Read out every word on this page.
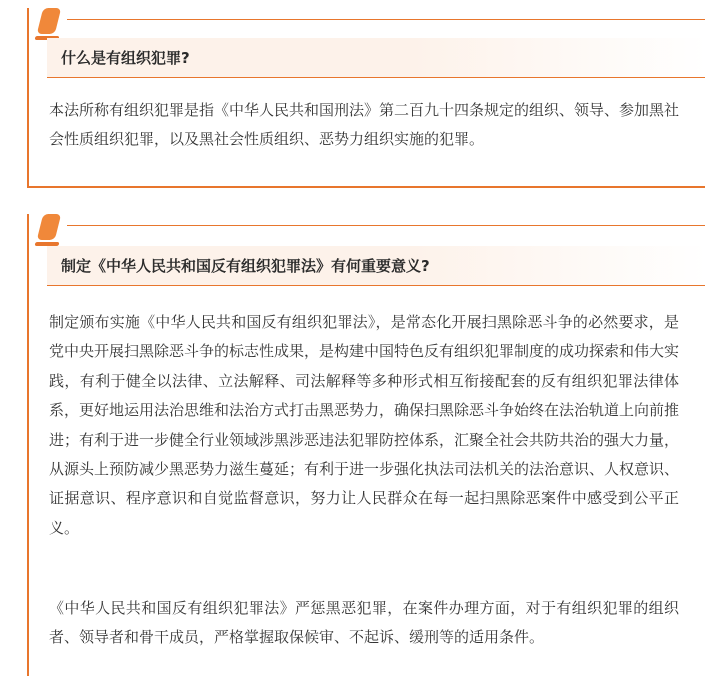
什么是有组织犯罪?

本法所称有组织犯罪是指《中华人民共和国刑法》第二百九十四条规定的组织、领导、参加黑社会性质组织犯罪，以及黑社会性质组织、恶势力组织实施的犯罪。

制定《中华人民共和国反有组织犯罪法》有何重要意义?

制定颁布实施《中华人民共和国反有组织犯罪法》，是常态化开展扫黑除恶斗争的必然要求，是党中央开展扫黑除恶斗争的标志性成果，是构建中国特色反有组织犯罪制度的成功探索和伟大实践，有利于健全以法律、立法解释、司法解释等多种形式相互衔接配套的反有组织犯罪法律体系，更好地运用法治思维和法治方式打击黑恶势力，确保扫黑除恶斗争始终在法治轨道上向前推进；有利于进一步健全行业领域涉黑涉恶违法犯罪防控体系，汇聚全社会共防共治的强大力量，从源头上预防减少黑恶势力滋生蔓延；有利于进一步强化执法司法机关的法治意识、人权意识、证据意识、程序意识和自觉监督意识，努力让人民群众在每一起扫黑除恶案件中感受到公平正义。

《中华人民共和国反有组织犯罪法》严惩黑恶犯罪，在案件办理方面，对于有组织犯罪的组织者、领导者和骨干成员，严格掌握取保候审、不起诉、缓刑等的适用条件。
